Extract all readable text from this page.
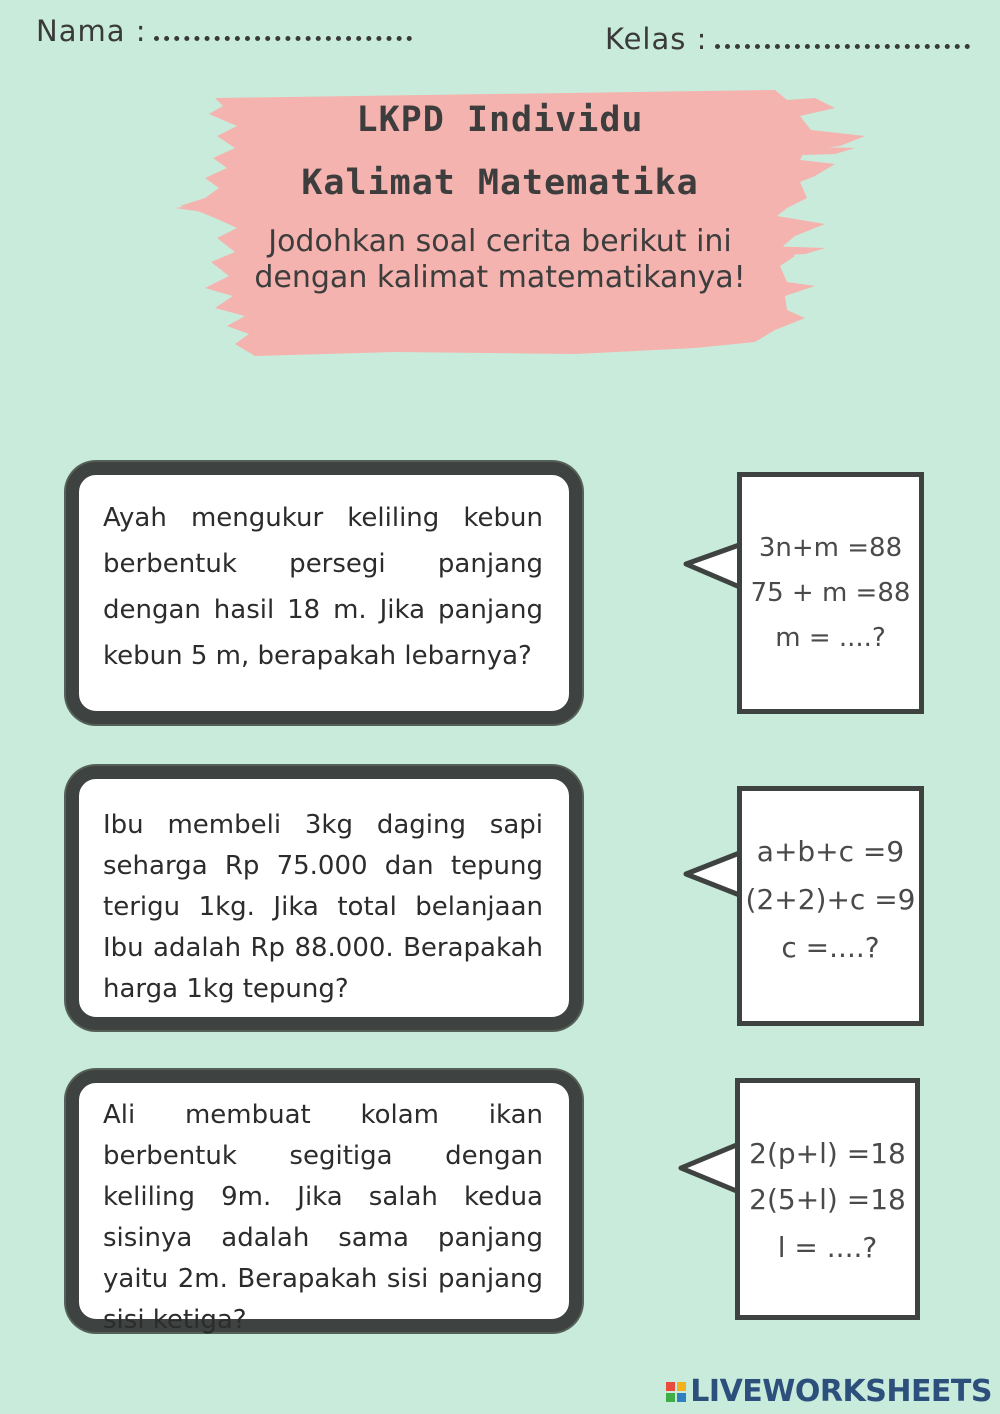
Nama :	Kelas :
LKPD Individu
Kalimat Matematika
Jodohkan soal cerita berikut ini dengan kalimat matematikanya!

Ayah mengukur keliling kebun berbentuk persegi panjang dengan hasil 18 m. Jika panjang kebun 5 m, berapakah lebarnya?

Ibu membeli 3kg daging sapi seharga Rp 75.000 dan tepung terigu 1kg. Jika total belanjaan Ibu adalah Rp 88.000. Berapakah harga 1kg tepung?

Ali membuat kolam ikan berbentuk segitiga dengan keliling 9m. Jika salah kedua sisinya adalah sama panjang yaitu 2m. Berapakah sisi panjang sisi ketiga?

3n+m =88
75 + m =88
m = ....?
a+b+c =9
(2+2)+c =9
c =....?
2(p+l) =18
2(5+l) =18
l = ....?
LIVEWORKSHEETS
